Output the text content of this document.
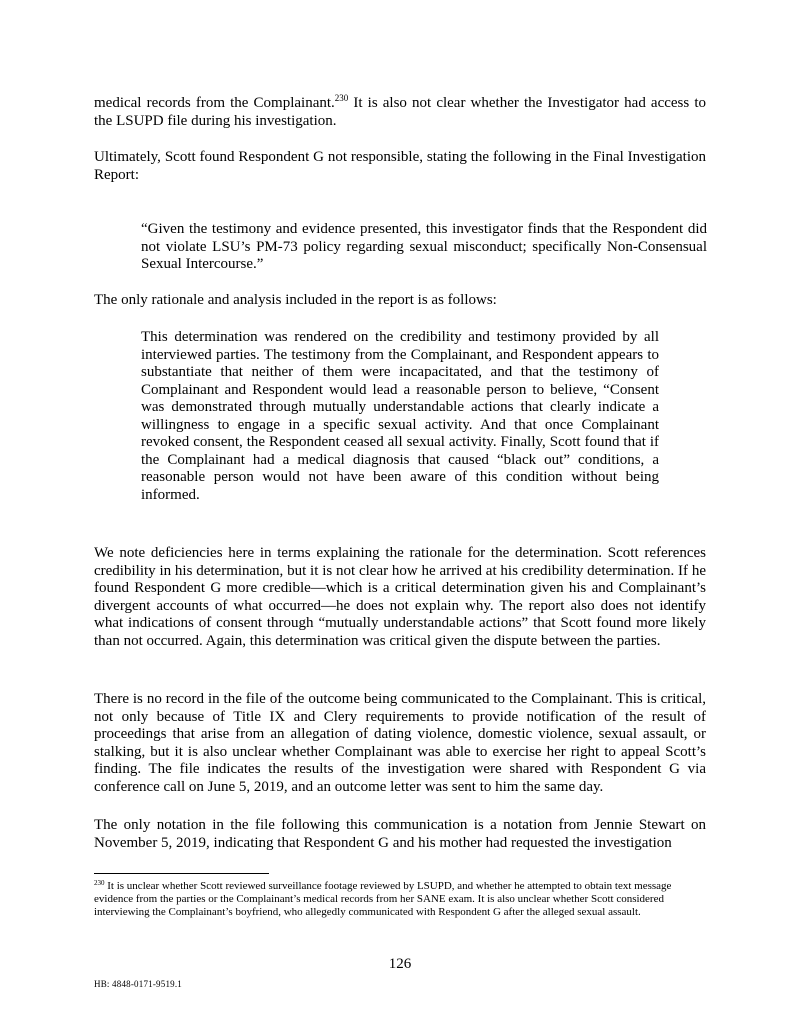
medical records from the Complainant.$^{230}$ It is also not clear whether the Investigator had access to the LSUPD file during his investigation.

Ultimately, Scott found Respondent G not responsible, stating the following in the Final Investigation Report:

“Given the testimony and evidence presented, this investigator finds that the Respondent did not violate LSU’s PM-73 policy regarding sexual misconduct; specifically Non-Consensual Sexual Intercourse.”

The only rationale and analysis included in the report is as follows:

This determination was rendered on the credibility and testimony provided by all interviewed parties. The testimony from the Complainant, and Respondent appears to substantiate that neither of them were incapacitated, and that the testimony of Complainant and Respondent would lead a reasonable person to believe, “Consent was demonstrated through mutually understandable actions that clearly indicate a willingness to engage in a specific sexual activity. And that once Complainant revoked consent, the Respondent ceased all sexual activity. Finally, Scott found that if the Complainant had a medical diagnosis that caused “black out” conditions, a reasonable person would not have been aware of this condition without being informed.

We note deficiencies here in terms explaining the rationale for the determination. Scott references credibility in his determination, but it is not clear how he arrived at his credibility determination. If he found Respondent G more credible—which is a critical determination given his and Complainant’s divergent accounts of what occurred—he does not explain why. The report also does not identify what indications of consent through “mutually understandable actions” that Scott found more likely than not occurred. Again, this determination was critical given the dispute between the parties.

There is no record in the file of the outcome being communicated to the Complainant. This is critical, not only because of Title IX and Clery requirements to provide notification of the result of proceedings that arise from an allegation of dating violence, domestic violence, sexual assault, or stalking, but it is also unclear whether Complainant was able to exercise her right to appeal Scott’s finding. The file indicates the results of the investigation were shared with Respondent G via conference call on June 5, 2019, and an outcome letter was sent to him the same day.

The only notation in the file following this communication is a notation from Jennie Stewart on November 5, 2019, indicating that Respondent G and his mother had requested the investigation

$^{230}$ It is unclear whether Scott reviewed surveillance footage reviewed by LSUPD, and whether he attempted to obtain text message evidence from the parties or the Complainant’s medical records from her SANE exam. It is also unclear whether Scott considered interviewing the Complainant’s boyfriend, who allegedly communicated with Respondent G after the alleged sexual assault.

126
HB: 4848-0171-9519.1
